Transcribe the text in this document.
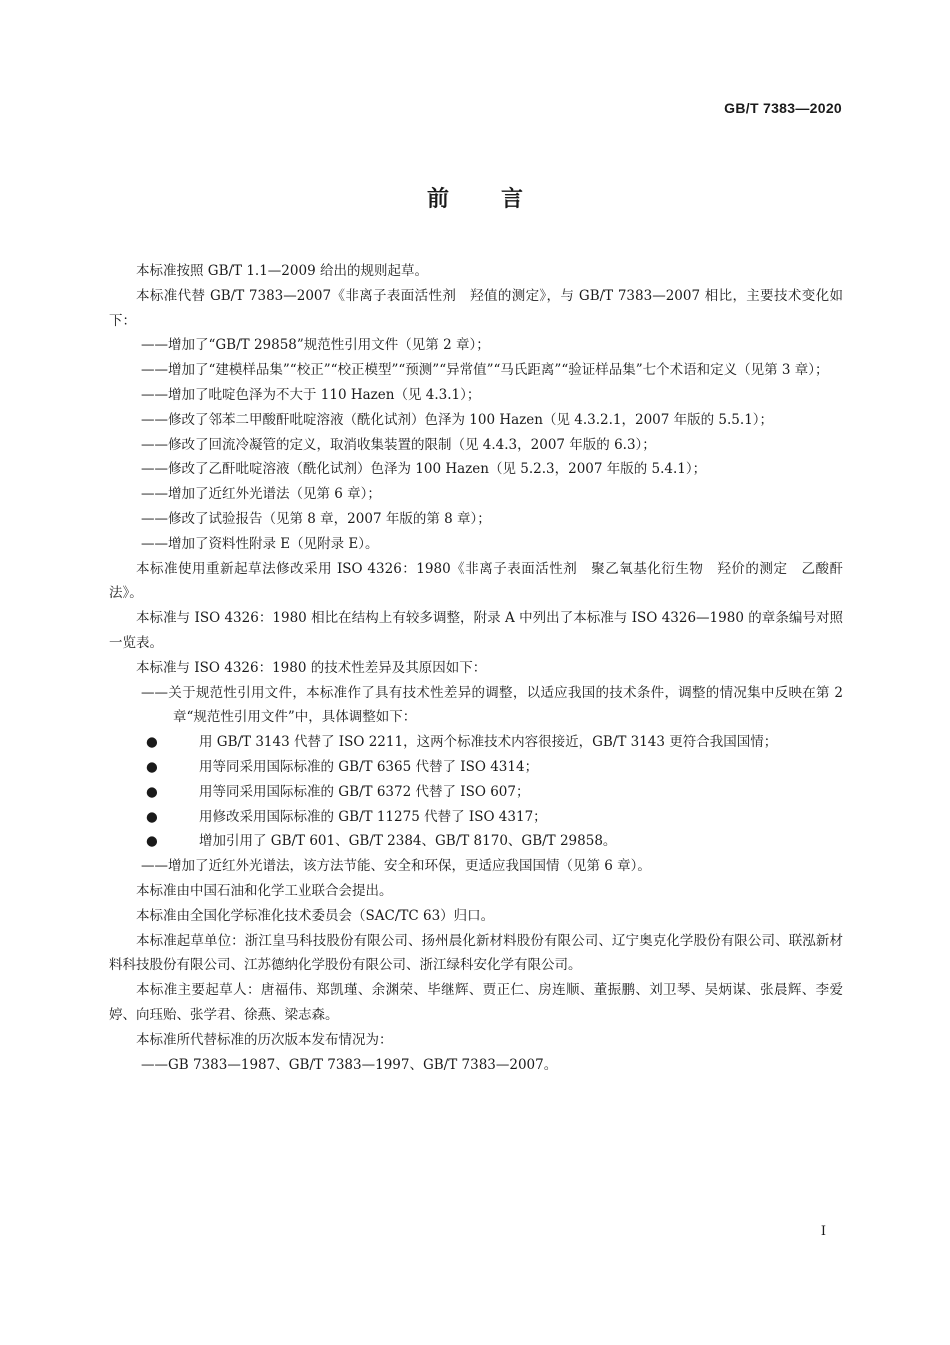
GB/T 7383—2020
前言

本标准按照 GB/T 1.1—2009 给出的规则起草。

本标准代替 GB/T 7383—2007《非离子表面活性剂　羟值的测定》，与 GB/T 7383—2007 相比，主要技术变化如下：

——增加了“GB/T 29858”规范性引用文件（见第 2 章）；

——增加了“建模样品集”“校正”“校正模型”“预测”“异常值”“马氏距离”“验证样品集”七个术语和定义（见第 3 章）；

——增加了吡啶色泽为不大于 110 Hazen（见 4.3.1）；

——修改了邻苯二甲酸酐吡啶溶液（酰化试剂）色泽为 100 Hazen（见 4.3.2.1，2007 年版的 5.5.1）；

——修改了回流冷凝管的定义，取消收集装置的限制（见 4.4.3，2007 年版的 6.3）；

——修改了乙酐吡啶溶液（酰化试剂）色泽为 100 Hazen（见 5.2.3，2007 年版的 5.4.1）；

——增加了近红外光谱法（见第 6 章）；

——修改了试验报告（见第 8 章，2007 年版的第 8 章）；

——增加了资料性附录 E（见附录 E）。

本标准使用重新起草法修改采用 ISO 4326：1980《非离子表面活性剂　聚乙氧基化衍生物　羟价的测定　乙酸酐法》。

本标准与 ISO 4326：1980 相比在结构上有较多调整，附录 A 中列出了本标准与 ISO 4326—1980 的章条编号对照一览表。

本标准与 ISO 4326：1980 的技术性差异及其原因如下：

——关于规范性引用文件，本标准作了具有技术性差异的调整，以适应我国的技术条件，调整的情况集中反映在第 2 章“规范性引用文件”中，具体调整如下：

●	用 GB/T 3143 代替了 ISO 2211，这两个标准技术内容很接近，GB/T 3143 更符合我国国情；

●	用等同采用国际标准的 GB/T 6365 代替了 ISO 4314；

●	用等同采用国际标准的 GB/T 6372 代替了 ISO 607；

●	用修改采用国际标准的 GB/T 11275 代替了 ISO 4317；

●	增加引用了 GB/T 601、GB/T 2384、GB/T 8170、GB/T 29858。

——增加了近红外光谱法，该方法节能、安全和环保，更适应我国国情（见第 6 章）。

本标准由中国石油和化学工业联合会提出。

本标准由全国化学标准化技术委员会（SAC/TC 63）归口。

本标准起草单位：浙江皇马科技股份有限公司、扬州晨化新材料股份有限公司、辽宁奥克化学股份有限公司、联泓新材料科技股份有限公司、江苏德纳化学股份有限公司、浙江绿科安化学有限公司。

本标准主要起草人：唐福伟、郑凯瑾、余渊荣、毕继辉、贾正仁、房连顺、董振鹏、刘卫琴、吴炳谋、张晨辉、李爱婷、向珏贻、张学君、徐燕、梁志森。

本标准所代替标准的历次版本发布情况为：

——GB 7383—1987、GB/T 7383—1997、GB/T 7383—2007。

I
